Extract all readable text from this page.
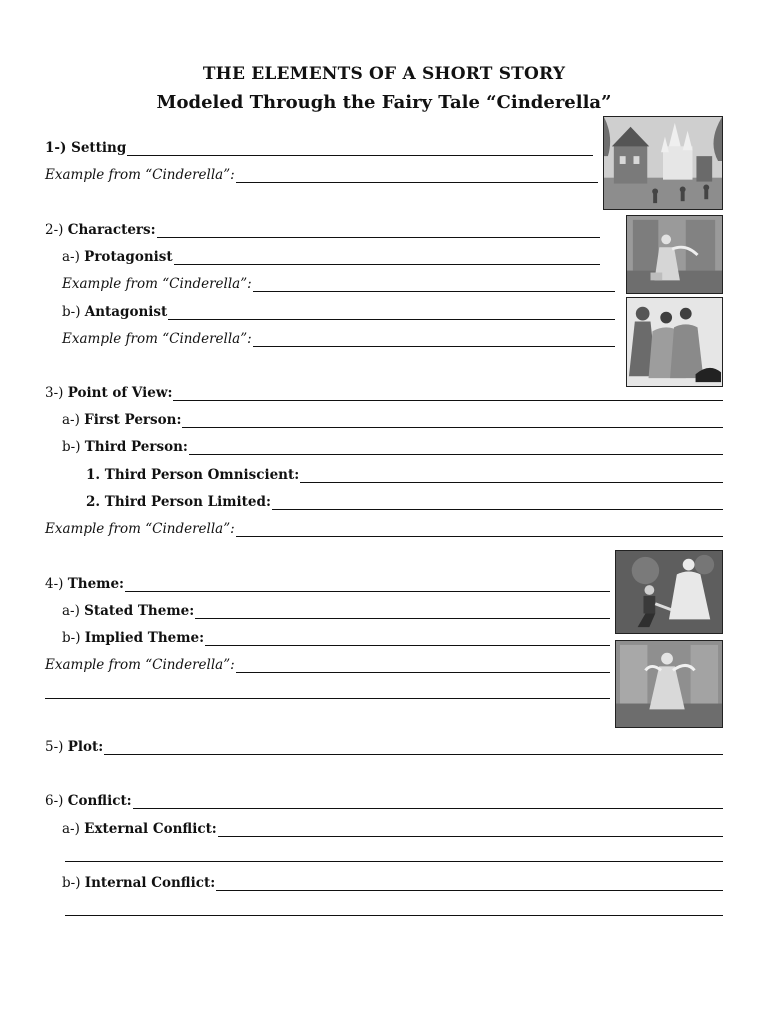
THE ELEMENTS OF A SHORT STORY
Modeled Through the Fairy Tale “Cinderella”
1-) Setting
Example from “Cinderella”:
2-) Characters:
a-) Protagonist
Example from “Cinderella”:
b-) Antagonist
Example from “Cinderella”:
3-) Point of View:
a-) First Person:
b-) Third Person:
1. Third Person Omniscient:
2. Third Person Limited:
Example from “Cinderella”:
4-) Theme:
a-) Stated Theme:
b-) Implied Theme:
Example from “Cinderella”:
5-) Plot:
6-) Conflict:
a-) External Conflict:
b-) Internal Conflict:
